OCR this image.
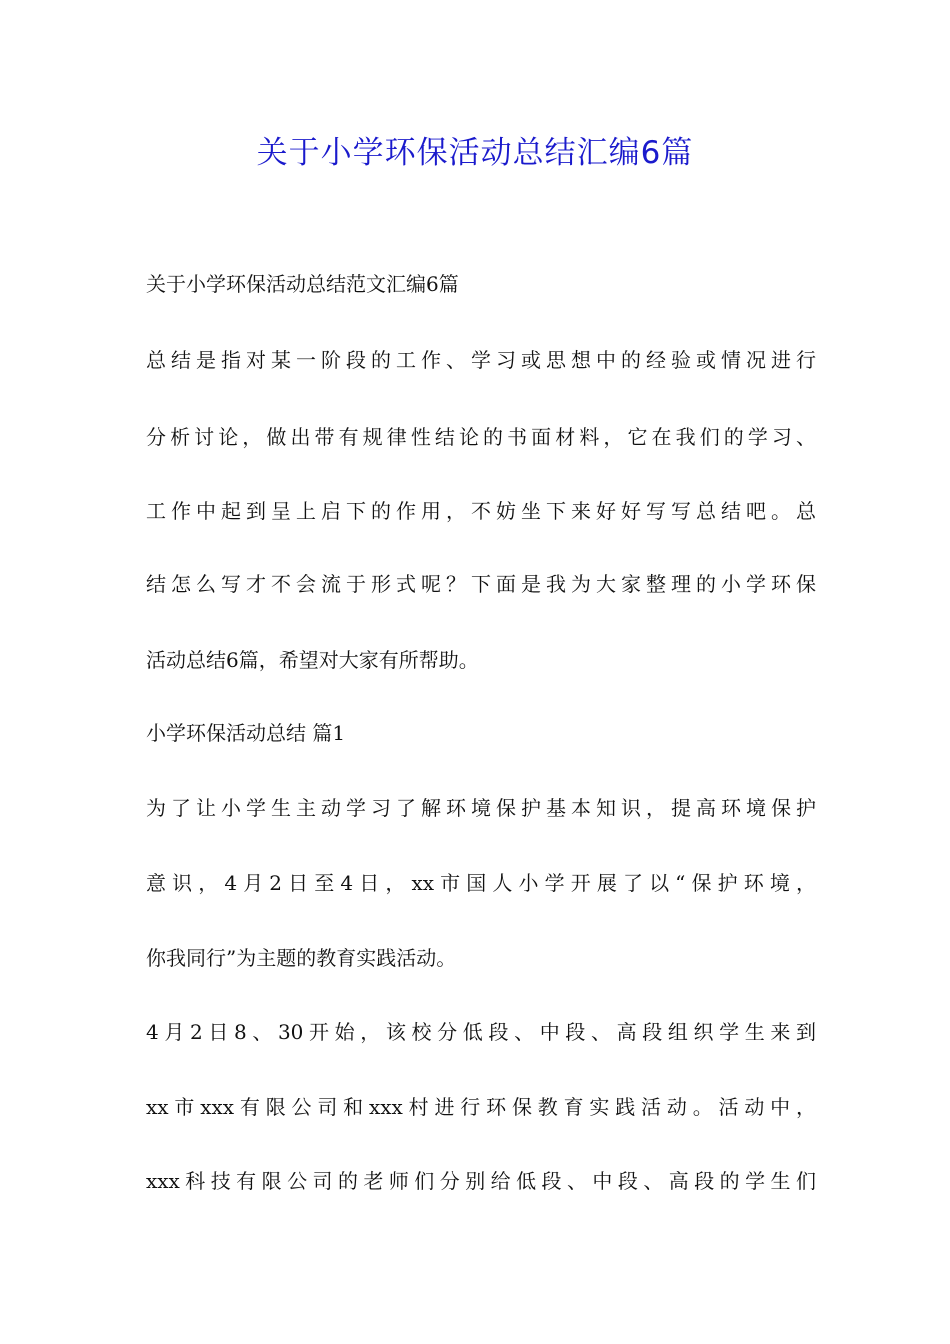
关于小学环保活动总结汇编6篇

关于小学环保活动总结范文汇编6篇

总结是指对某一阶段的工作、学习或思想中的经验或情况进行

分析讨论，做出带有规律性结论的书面材料，它在我们的学习、

工作中起到呈上启下的作用，不妨坐下来好好写写总结吧。总

结怎么写才不会流于形式呢？下面是我为大家整理的小学环保

活动总结6篇，希望对大家有所帮助。

小学环保活动总结 篇1

为了让小学生主动学习了解环境保护基本知识，提高环境保护

意识，4月2日至4日，xx市国人小学开展了以“保护环境，

你我同行”为主题的教育实践活动。

4月2日8、30开始，该校分低段、中段、高段组织学生来到

xx市xxx有限公司和xxx村进行环保教育实践活动。活动中，

xxx科技有限公司的老师们分别给低段、中段、高段的学生们
